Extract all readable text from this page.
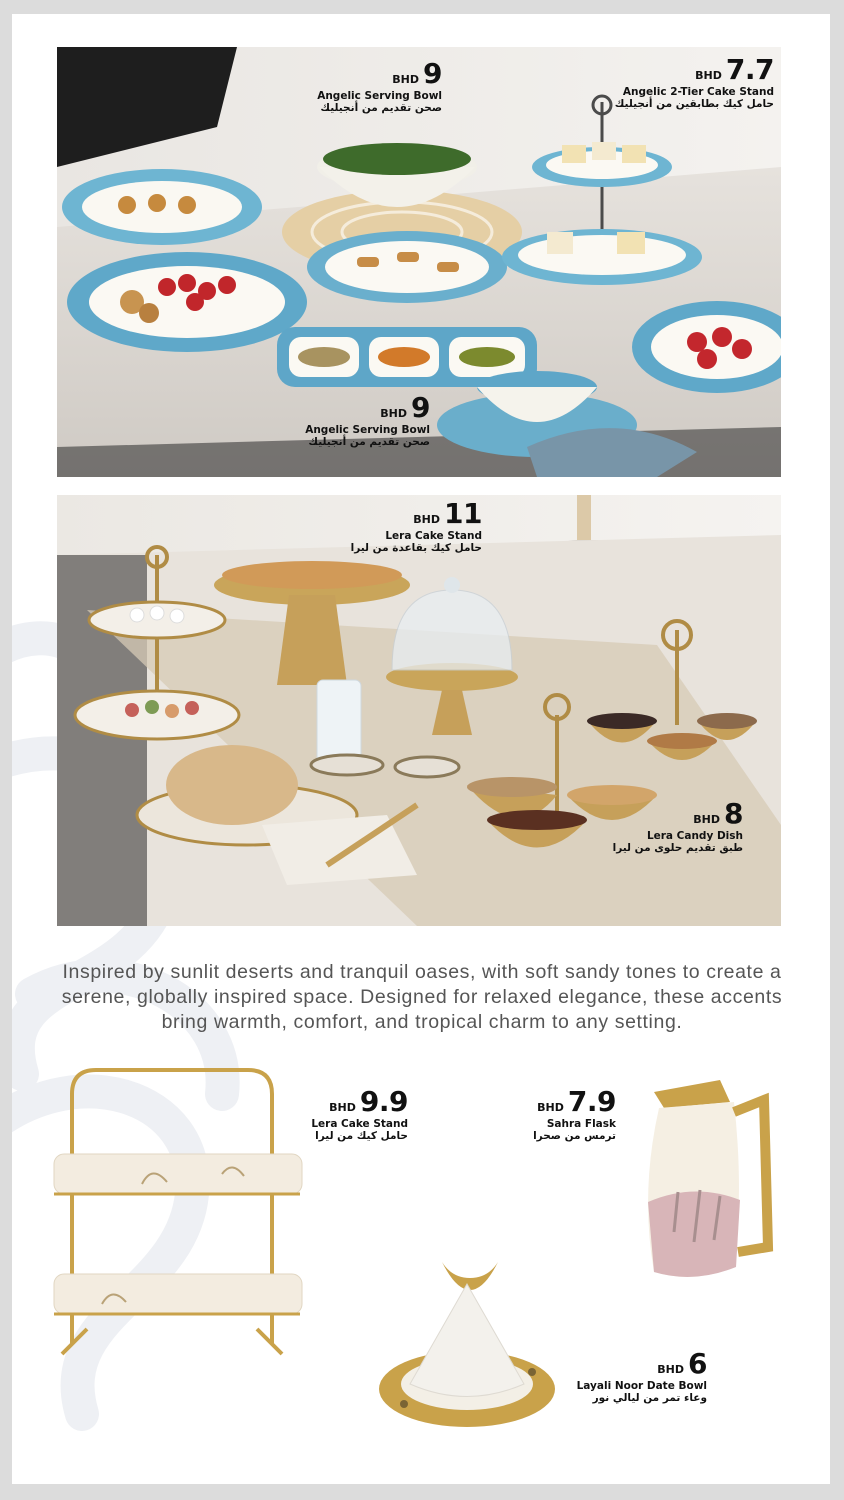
BHD 9
Angelic Serving Bowl
صحن تقديم من أنجيليك
BHD 7.7
Angelic 2-Tier Cake Stand
حامل كيك بطابقين من أنجيليك
BHD 9
Angelic Serving Bowl
صحن تقديم من أنجيليك
BHD 11
Lera Cake Stand
حامل كيك بقاعدة من ليرا
BHD 8
Lera Candy Dish
طبق تقديم حلوى من ليرا
Inspired by sunlit deserts and tranquil oases, with soft sandy tones to create a serene, globally inspired space. Designed for relaxed elegance, these accents bring warmth, comfort, and tropical charm to any setting.
BHD 9.9
Lera Cake Stand
حامل كيك من ليرا
BHD 7.9
Sahra Flask
ترمس من صحرا
BHD 6
Layali Noor Date Bowl
وعاء تمر من ليالي نور
